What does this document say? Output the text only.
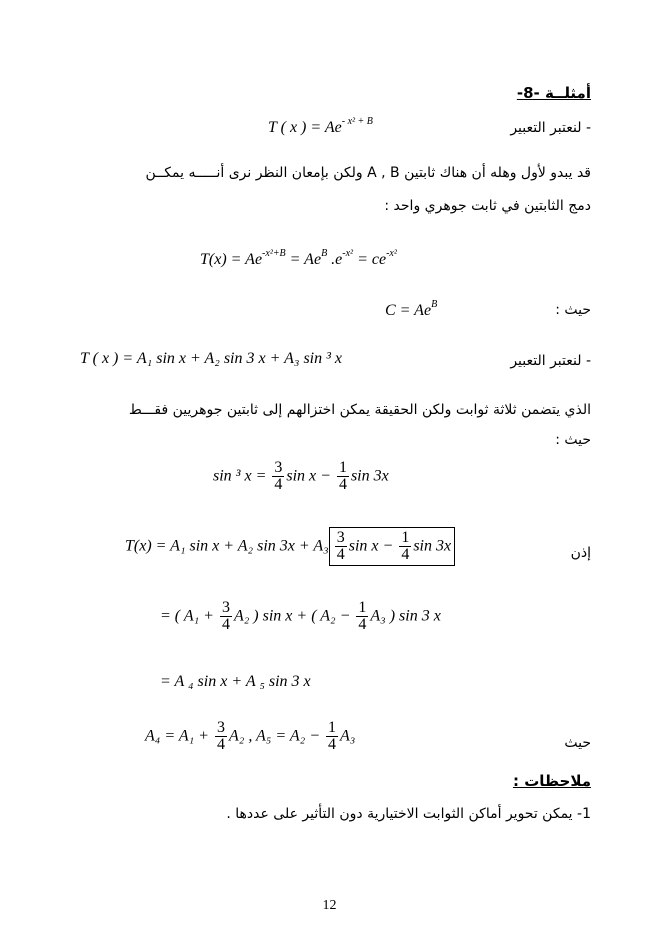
أمثلــة -8-
- لنعتبر التعبير
T ( x ) = $Ae^{- x^2 + B}$
قد يبدو لأول وهله أن هناك ثابتين A , B ولكن بإمعان النظر نرى أنـــــه يمكــن
دمج الثابتين في ثابت جوهري واحد :
$T(x) = Ae^{-x^2+B} = Ae^B$ $.e^{-x^2} = ce^{-x^2}$
حيث :
$C = Ae^B$
- لنعتبر التعبير
T ( x ) = A₁ sin x + A₂ sin 3 x + A₃ sin ³ x
الذي يتضمن ثلاثة ثوابت ولكن الحقيقة يمكن اختزالهم إلى ثابتين جوهريين فقـــط
حيث :
sin ³ $x = \frac{3}{4}$ $\sin x - \frac{1}{4}$ sin 3x
إذن
T(x) = A₁ sin x + A₂ $\sin 3x + A_3 \frac{3}{4}$ $\sin x - \frac{1}{4}$ sin 3x
= ( $A_1 + \frac{3}{4} A_2$ ) sin x + ( $A_2 - \frac{1}{4} A_3$ ) sin 3 x
= A ₄ sin x + A ₅ sin 3 x
حيث
$A_4 = A_1 + \frac{3}{4} A_2$ , $A_5 = A_2 - \frac{1}{4} A_3$
ملاحظات :
1- يمكن تحوير أماكن الثوابت الاختيارية دون التأثير على عددها .
12
